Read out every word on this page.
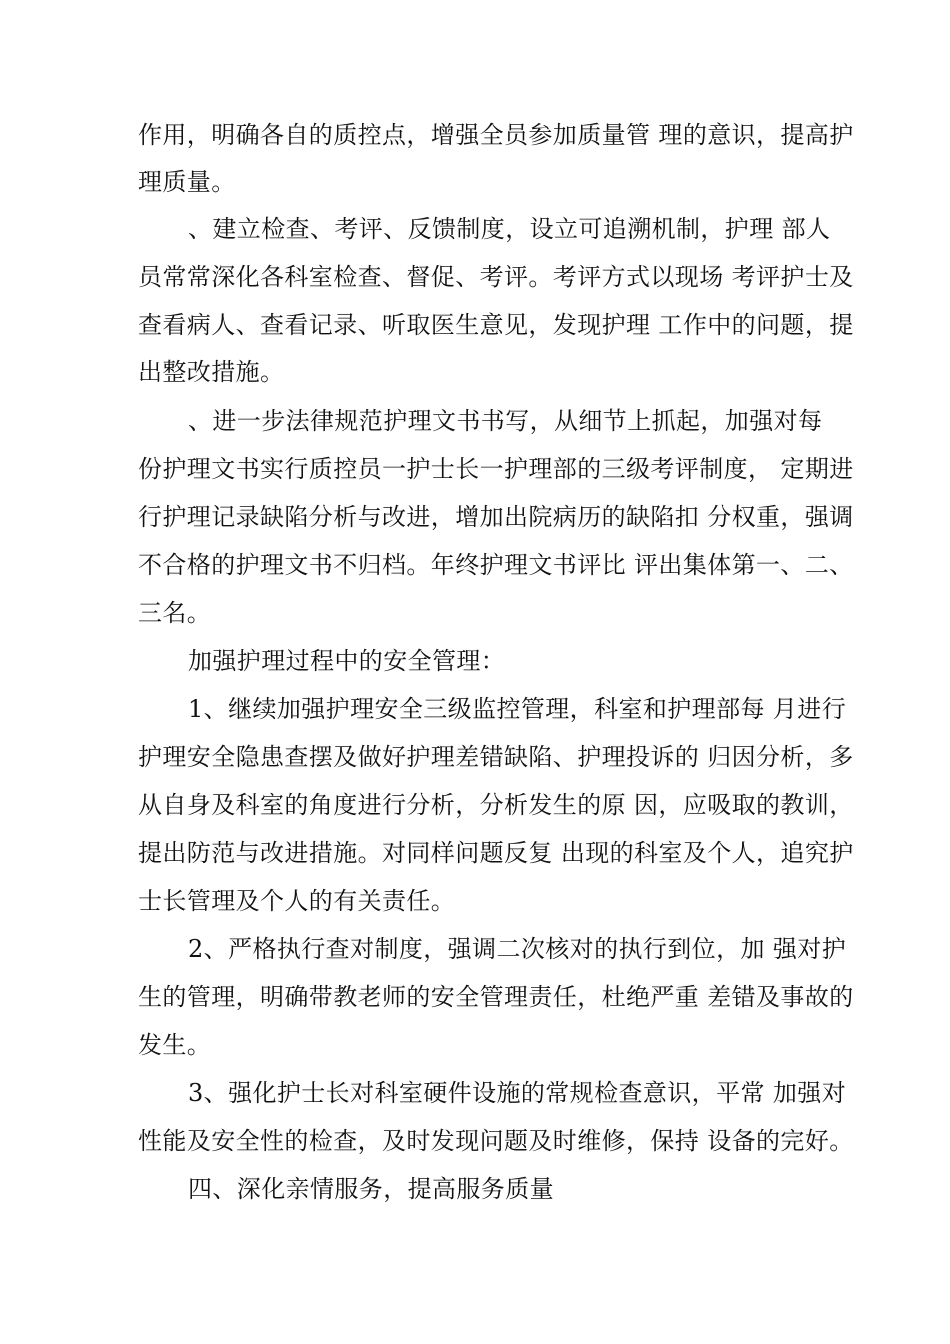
作用，明确各自的质控点，增强全员参加质量管 理的意识，提高护
理质量。
、建立检查、考评、反馈制度，设立可追溯机制，护理 部人
员常常深化各科室检查、督促、考评。考评方式以现场 考评护士及
查看病人、查看记录、听取医生意见，发现护理 工作中的问题，提
出整改措施。
、进一步法律规范护理文书书写，从细节上抓起，加强对每
份护理文书实行质控员一护士长一护理部的三级考评制度， 定期进
行护理记录缺陷分析与改进，增加出院病历的缺陷扣 分权重，强调
不合格的护理文书不归档。年终护理文书评比 评出集体第一、二、
三名。
加强护理过程中的安全管理：
1、继续加强护理安全三级监控管理，科室和护理部每 月进行
护理安全隐患查摆及做好护理差错缺陷、护理投诉的 归因分析，多
从自身及科室的角度进行分析，分析发生的原 因，应吸取的教训，
提出防范与改进措施。对同样问题反复 出现的科室及个人，追究护
士长管理及个人的有关责任。
2、严格执行查对制度，强调二次核对的执行到位，加 强对护
生的管理，明确带教老师的安全管理责任，杜绝严重 差错及事故的
发生。
3、强化护士长对科室硬件设施的常规检查意识，平常 加强对
性能及安全性的检查，及时发现问题及时维修，保持 设备的完好。
四、深化亲情服务，提高服务质量
